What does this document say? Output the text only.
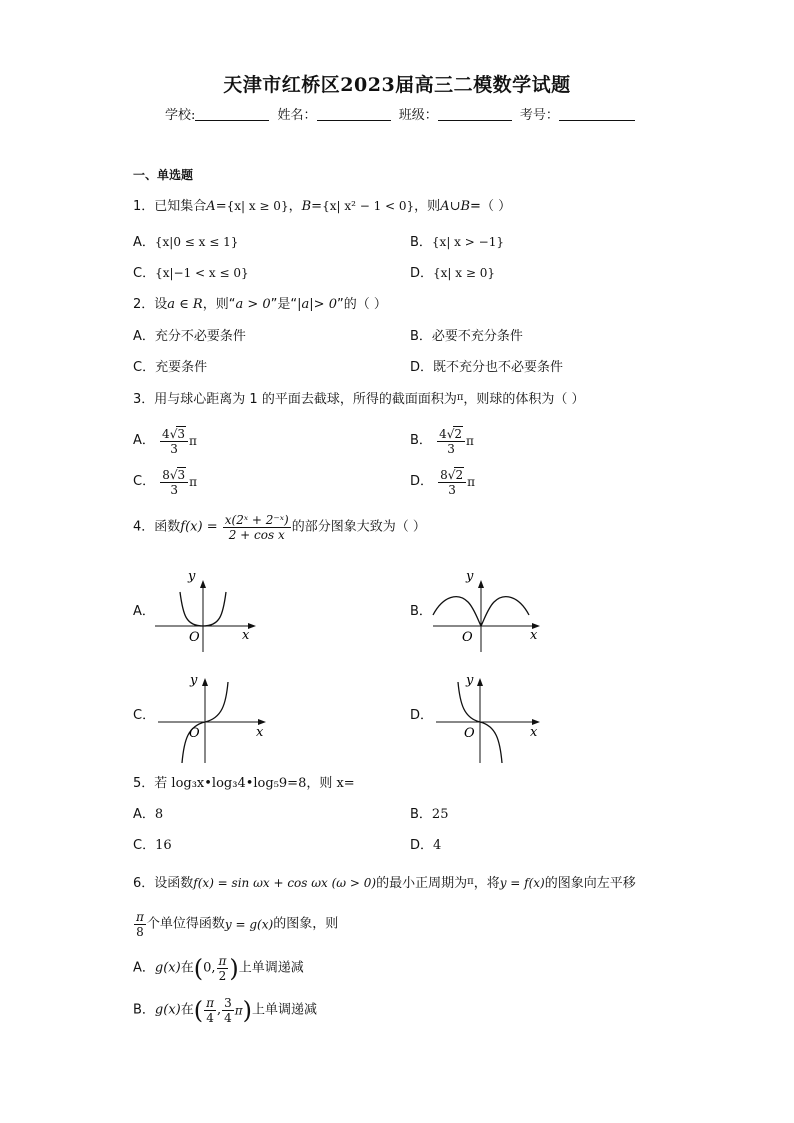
天津市红桥区2023届高三二模数学试题
学校:	姓名：	班级：	考号：
一、单选题
1．已知集合A={x| x ≥ 0}，B={x| x² − 1 < 0}，则A∪B=（ ）
A．{x|0 ≤ x ≤ 1}	B．{x| x > −1}
C．{x|−1 < x ≤ 0}	D．{x| x ≥ 0}
2．设a ∈ R，则“a > 0”是“|a|> 0”的（ ）
A．充分不必要条件	B．必要不充分条件
C．充要条件	D．既不充分也不必要条件
3．用与球心距离为 1 的平面去截球，所得的截面面积为$^\pi$，则球的体积为（ ）
A． $\frac{4√3}{3}$ π	B． $\frac{4√2}{3}$ π
C． $\frac{8√3}{3}$ π	D． $\frac{8√2}{3}$ π
4．函数$f(x) = \frac{\text{x(2ˣ + 2⁻ˣ)}}{\text{2 + cos x}}$ 的部分图象大致为（ ）
A．
y
O	x
B．
y
O	x
C．
y
O	x
D．
y
O	x
5．若 log₃x•log₃4•log₅9=8，则 x=
A．8	B．25
C．16	D．4
6．设函数f(x) = sin ωx + cos ωx (ω > 0)的最小正周期为$^\pi$，将y = f(x)的图象向左平移
$\frac{\pi}{8}$ 个单位得函数y = g(x)的图象，则
A．g(x)在(0, $\frac{\pi}{2}$ )上单调递减
B．g(x)在( $\frac{\pi}{4}$ , $\frac{3}{4} \pi$)上单调递减
